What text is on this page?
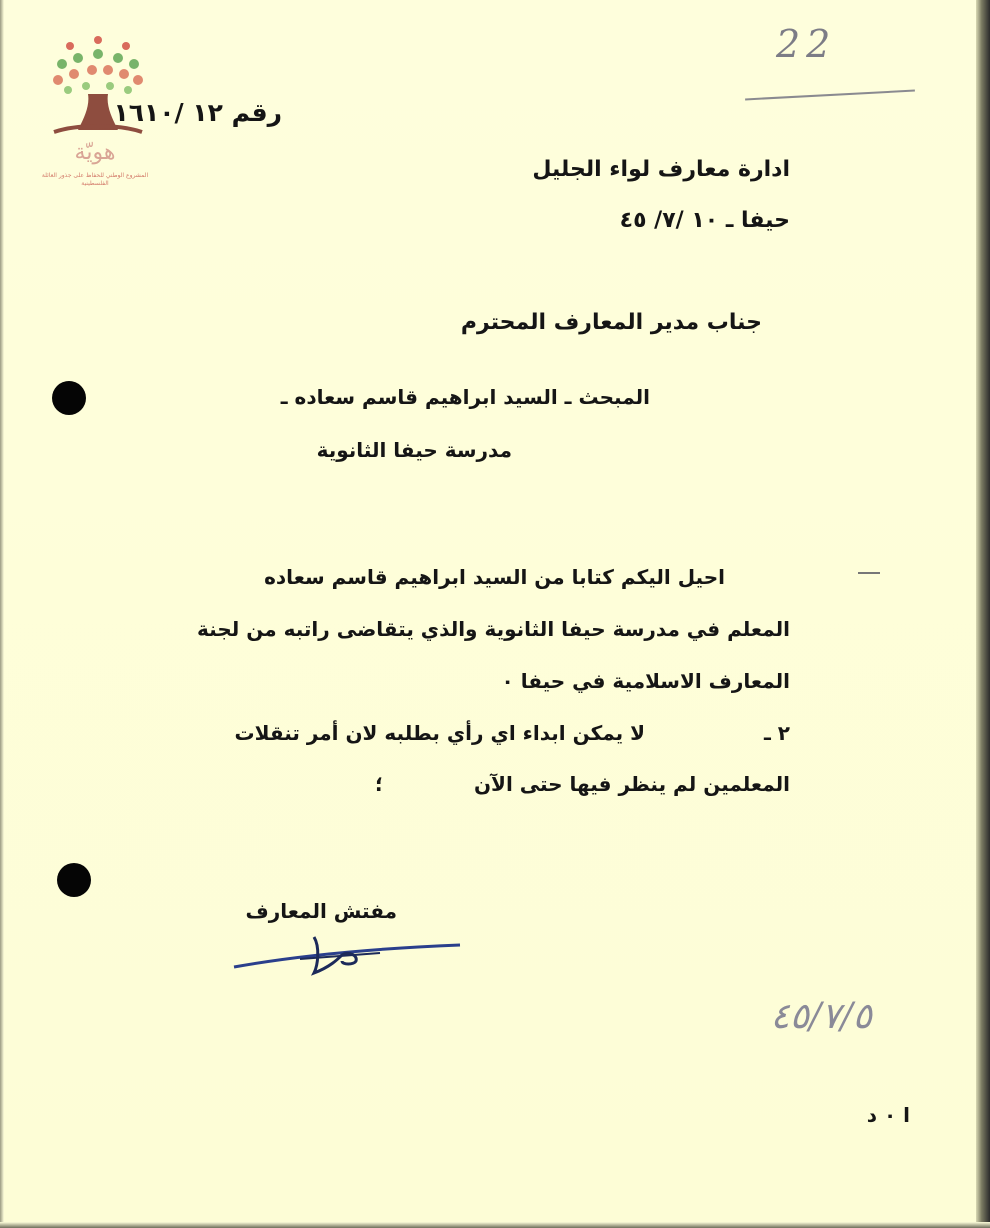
هويّة
المشروع الوطني للحفاظ على جذور العائلة الفلسطينية
22
رقم ١٢ /١٦١٠
ادارة معارف لواء الجليل
حيفا ـ ١٠ /٧/ ٤٥
جناب مدير المعارف المحترم
المبحث ـ السيد ابراهيم قاسم سعاده ـ
مدرسة حيفا الثانوية
احيل اليكم كتابا من السيد ابراهيم قاسم سعاده
المعلم في مدرسة حيفا الثانوية والذي يتقاضى راتبه من لجنة
المعارف الاسلامية في حيفا ٠
٢ ـ
لا يمكن ابداء اي رأي بطلبه لان أمر تنقلات
المعلمين لم ينظر فيها حتى الآن
؛
مفتش المعارف
٤٥/٧/٥
ا ٠ د
